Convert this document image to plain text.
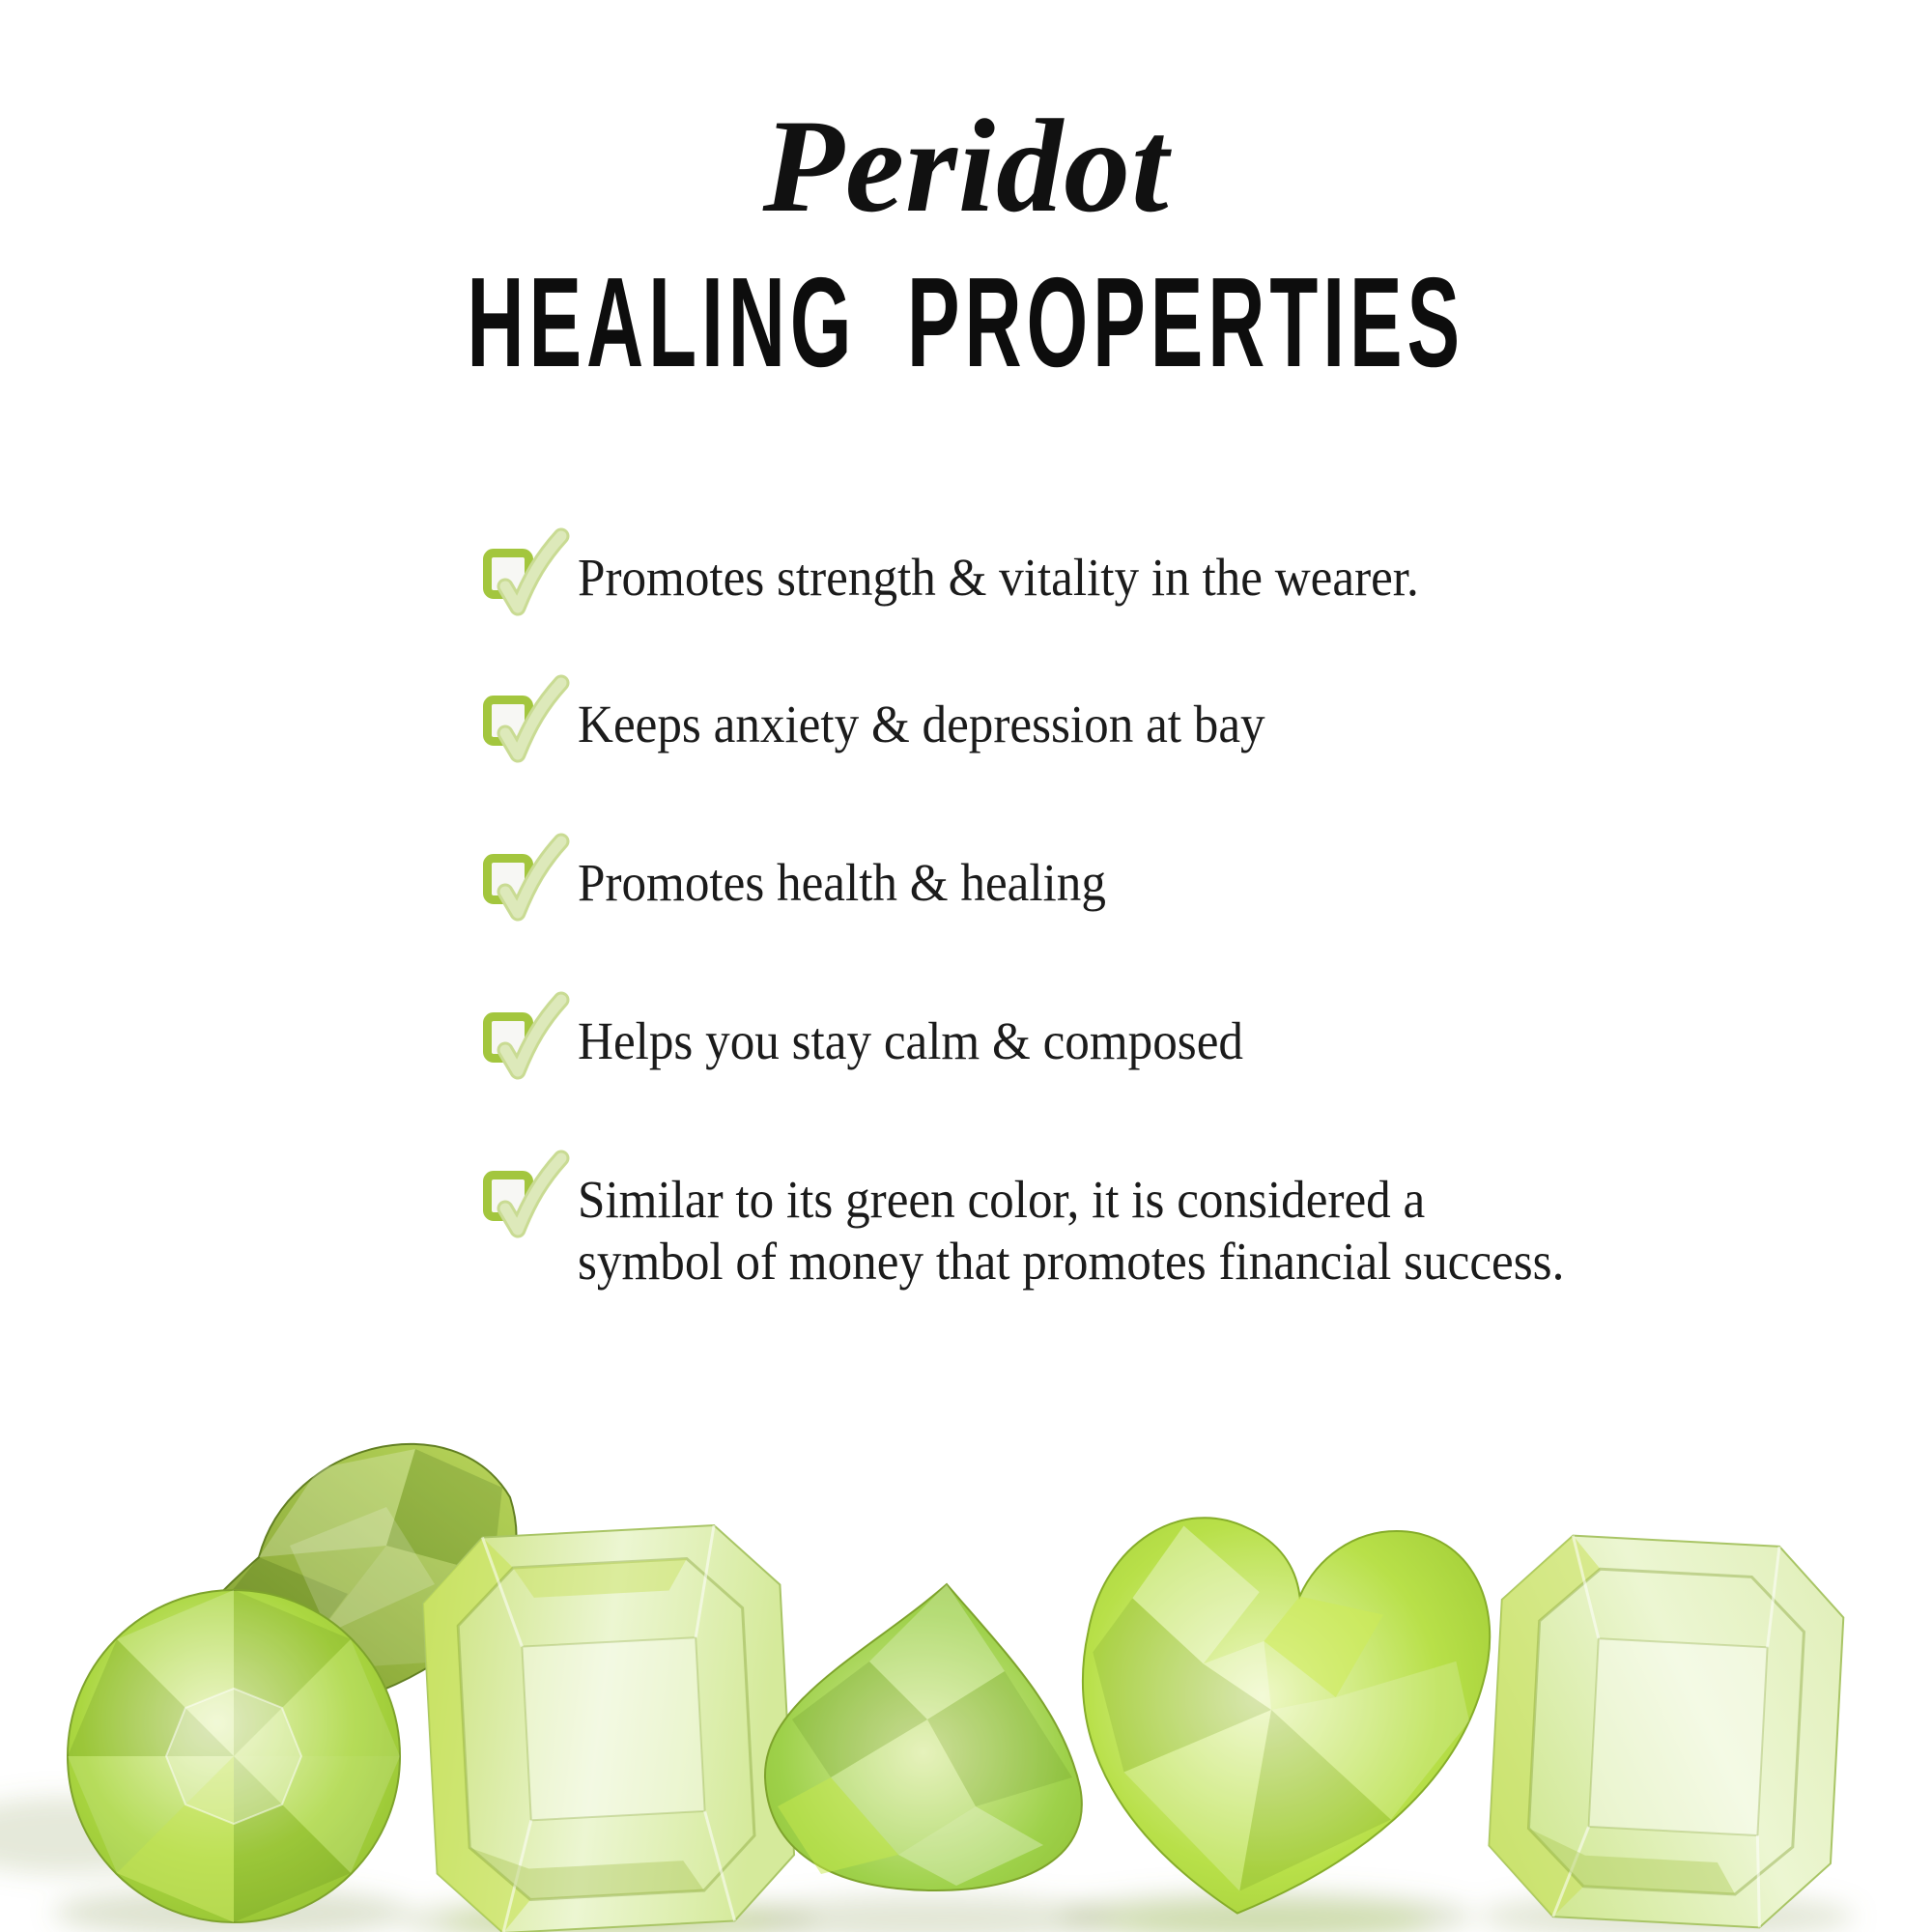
Peridot
HEALING PROPERTIES
Promotes strength & vitality in the wearer.
Keeps anxiety & depression at bay
Promotes health & healing
Helps you stay calm & composed
Similar to its green color, it is considered a
symbol of money that promotes financial success.
